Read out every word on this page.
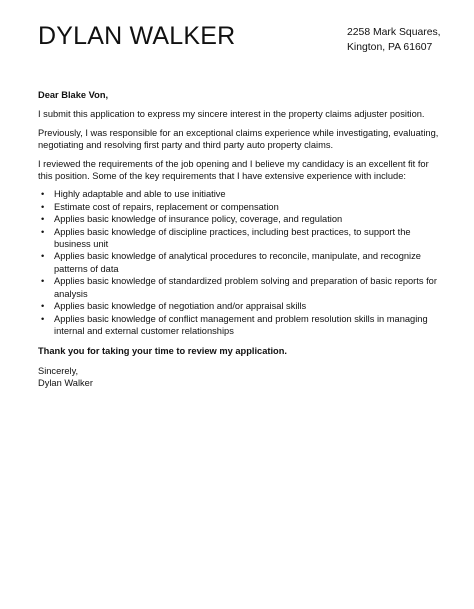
DYLAN WALKER	2258 Mark Squares,
Kington, PA 61607

Dear Blake Von,

I submit this application to express my sincere interest in the property claims adjuster position.

Previously, I was responsible for an exceptional claims experience while investigating, evaluating, negotiating and resolving first party and third party auto property claims.

I reviewed the requirements of the job opening and I believe my candidacy is an excellent fit for this position. Some of the key requirements that I have extensive experience with include:

• Highly adaptable and able to use initiative
• Estimate cost of repairs, replacement or compensation
• Applies basic knowledge of insurance policy, coverage, and regulation
• Applies basic knowledge of discipline practices, including best practices, to support the business unit
• Applies basic knowledge of analytical procedures to reconcile, manipulate, and recognize patterns of data
• Applies basic knowledge of standardized problem solving and preparation of basic reports for analysis
• Applies basic knowledge of negotiation and/or appraisal skills
• Applies basic knowledge of conflict management and problem resolution skills in managing internal and external customer relationships

Thank you for taking your time to review my application.

Sincerely,
Dylan Walker
